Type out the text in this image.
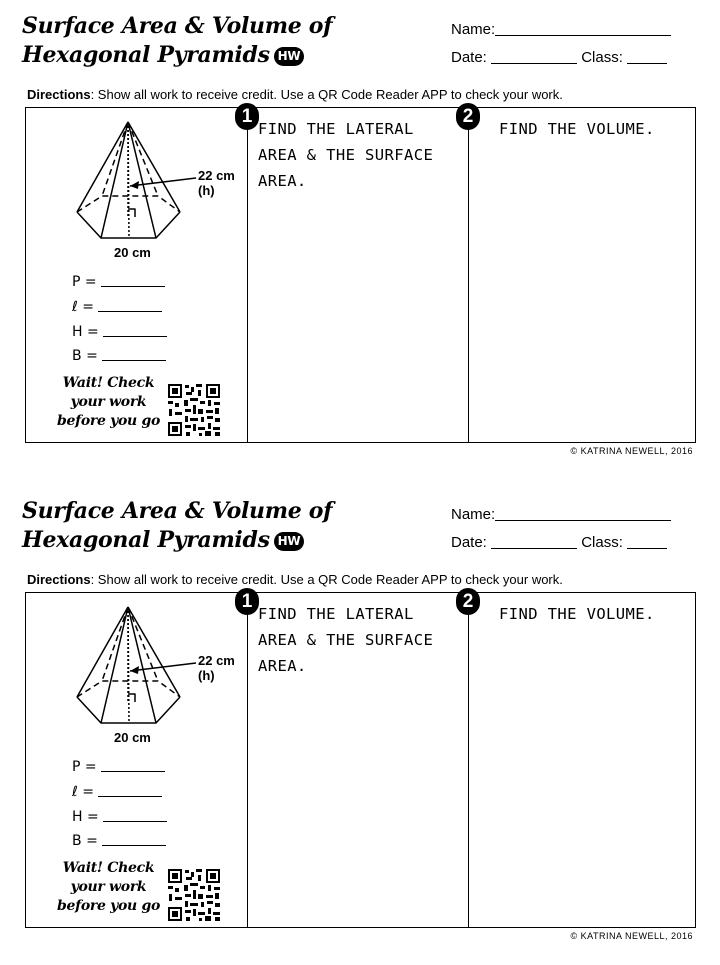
Surface Area & Volume of
Hexagonal Pyramids HW
Name:
Date:	Class:
Directions: Show all work to receive credit. Use a QR Code Reader APP to check your work.
22 cm
(h)
20 cm
P =
ℓ =
H =
B =
Wait! Check
your work
before you go
1	2
FIND THE LATERAL AREA & THE SURFACE AREA.
FIND THE VOLUME.
© KATRINA NEWELL, 2016
Surface Area & Volume of
Hexagonal Pyramids HW
Name:
Date:	Class:
Directions: Show all work to receive credit. Use a QR Code Reader APP to check your work.
22 cm
(h)
20 cm
P =
ℓ =
H =
B =
Wait! Check
your work
before you go
1	2
FIND THE LATERAL AREA & THE SURFACE AREA.
FIND THE VOLUME.
© KATRINA NEWELL, 2016
